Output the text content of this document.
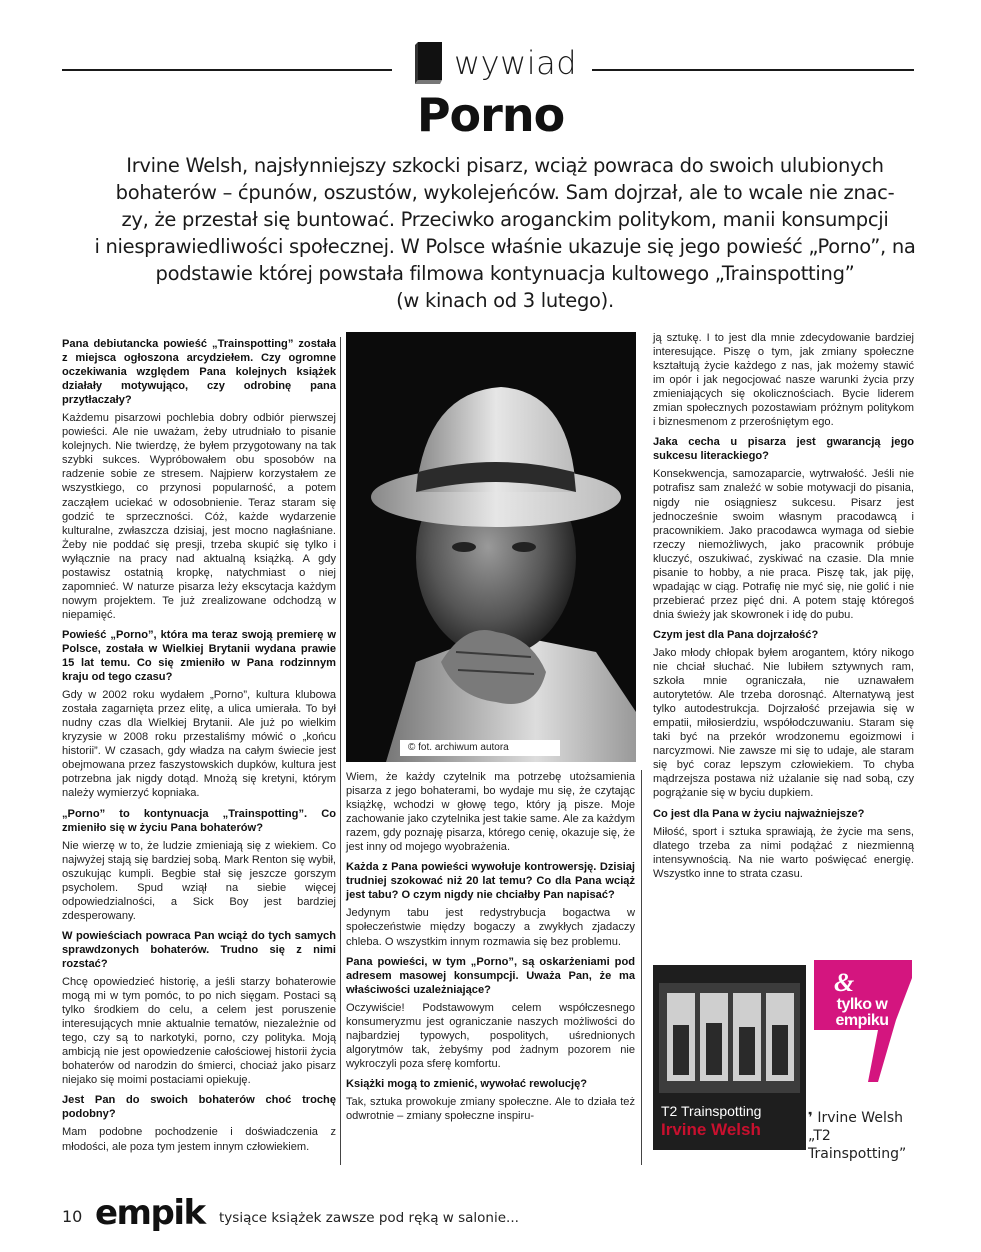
wywiad
Porno
Irvine Welsh, najsłynniejszy szkocki pisarz, wciąż powraca do swoich ulubionych
bohaterów – ćpunów, oszustów, wykolejeńców. Sam dojrzał, ale to wcale nie znac-
zy, że przestał się buntować. Przeciwko aroganckim politykom, manii konsumpcji
i niesprawiedliwości społecznej. W Polsce właśnie ukazuje się jego powieść „Porno”, na
podstawie której powstała filmowa kontynuacja kultowego „Trainspotting”
(w kinach od 3 lutego).

Pana debiutancka powieść „Trainspotting” została z miejsca ogłoszona arcydziełem. Czy ogromne oczekiwania względem Pana kolejnych książek działały motywująco, czy odrobinę pana przytłaczały?

Każdemu pisarzowi pochlebia dobry odbiór pierwszej powieści. Ale nie uważam, żeby utrudniało to pisanie kolejnych. Nie twierdzę, że byłem przygotowany na tak szybki sukces. Wypróbowałem obu sposobów na radzenie sobie ze stresem. Najpierw korzystałem ze wszystkiego, co przynosi popularność, a potem zacząłem uciekać w odosobnienie. Teraz staram się godzić te sprzeczności. Cóż, każde wydarzenie kulturalne, zwłaszcza dzisiaj, jest mocno nagłaśniane. Żeby nie poddać się presji, trzeba skupić się tylko i wyłącznie na pracy nad aktualną książką. A gdy postawisz ostatnią kropkę, natychmiast o niej zapomnieć. W naturze pisarza leży ekscytacja każdym nowym projektem. Te już zrealizowane odchodzą w niepamięć.

Powieść „Porno”, która ma teraz swoją premierę w Polsce, została w Wielkiej Brytanii wydana prawie 15 lat temu. Co się zmieniło w Pana rodzinnym kraju od tego czasu?

Gdy w 2002 roku wydałem „Porno”, kultura klubowa została zagarnięta przez elitę, a ulica umierała. To był nudny czas dla Wielkiej Brytanii. Ale już po wielkim kryzysie w 2008 roku przestaliśmy mówić o „końcu historii”. W czasach, gdy władza na całym świecie jest obejmowana przez faszystowskich dupków, kultura jest potrzebna jak nigdy dotąd. Mnożą się kretyni, którym należy wymierzyć kopniaka.

„Porno” to kontynuacja „Trainspotting”. Co zmieniło się w życiu Pana bohaterów?

Nie wierzę w to, że ludzie zmieniają się z wiekiem. Co najwyżej stają się bardziej sobą. Mark Renton się wybił, oszukując kumpli. Begbie stał się jeszcze gorszym psycholem. Spud wziął na siebie więcej odpowiedzialności, a Sick Boy jest bardziej zdesperowany.

W powieściach powraca Pan wciąż do tych samych sprawdzonych bohaterów. Trudno się z nimi rozstać?

Chcę opowiedzieć historię, a jeśli starzy bohaterowie mogą mi w tym pomóc, to po nich sięgam. Postaci są tylko środkiem do celu, a celem jest poruszenie interesujących mnie aktualnie tematów, niezależnie od tego, czy są to narkotyki, porno, czy polityka. Moją ambicją nie jest opowiedzenie całościowej historii życia bohaterów od narodzin do śmierci, chociaż jako pisarz niejako się moimi postaciami opiekuję.

Jest Pan do swoich bohaterów choć trochę podobny?

Mam podobne pochodzenie i doświadczenia z młodości, ale poza tym jestem innym człowiekiem.

© fot. archiwum autora

Wiem, że każdy czytelnik ma potrzebę utożsamienia pisarza z jego bohaterami, bo wydaje mu się, że czytając książkę, wchodzi w głowę tego, który ją pisze. Moje zachowanie jako czytelnika jest takie same. Ale za każdym razem, gdy poznaję pisarza, którego cenię, okazuje się, że jest inny od mojego wyobrażenia.

Każda z Pana powieści wywołuje kontrowersję. Dzisiaj trudniej szokować niż 20 lat temu? Co dla Pana wciąż jest tabu? O czym nigdy nie chciałby Pan napisać?

Jedynym tabu jest redystrybucja bogactwa w społeczeństwie między bogaczy a zwykłych zjadaczy chleba. O wszystkim innym rozmawia się bez problemu.

Pana powieści, w tym „Porno”, są oskarżeniami pod adresem masowej konsumpcji. Uważa Pan, że ma właściwości uzależniające?

Oczywiście! Podstawowym celem współczesnego konsumeryzmu jest ograniczanie naszych możliwości do najbardziej typowych, pospolitych, uśrednionych algorytmów tak, żebyśmy pod żadnym pozorem nie wykroczyli poza sferę komfortu.

Książki mogą to zmienić, wywołać rewolucję?

Tak, sztuka prowokuje zmiany społeczne. Ale to działa też odwrotnie – zmiany społeczne inspiru-

ją sztukę. I to jest dla mnie zdecydowanie bardziej interesujące. Piszę o tym, jak zmiany społeczne kształtują życie każdego z nas, jak możemy stawić im opór i jak negocjować nasze warunki życia przy zmieniających się okolicznościach. Bycie liderem zmian społecznych pozostawiam próżnym politykom i biznesmenom z przerośniętym ego.

Jaka cecha u pisarza jest gwarancją jego sukcesu literackiego?

Konsekwencja, samozaparcie, wytrwałość. Jeśli nie potrafisz sam znaleźć w sobie motywacji do pisania, nigdy nie osiągniesz sukcesu. Pisarz jest jednocześnie swoim własnym pracodawcą i pracownikiem. Jako pracodawca wymaga od siebie rzeczy niemożliwych, jako pracownik próbuje kluczyć, oszukiwać, zyskiwać na czasie. Dla mnie pisanie to hobby, a nie praca. Piszę tak, jak piję, wpadając w ciąg. Potrafię nie myć się, nie golić i nie przebierać przez pięć dni. A potem staję któregoś dnia świeży jak skowronek i idę do pubu.

Czym jest dla Pana dojrzałość?

Jako młody chłopak byłem arogantem, który nikogo nie chciał słuchać. Nie lubiłem sztywnych ram, szkoła mnie ograniczała, nie uznawałem autorytetów. Ale trzeba dorosnąć. Alternatywą jest tylko autodestrukcja. Dojrzałość przejawia się w empatii, miłosierdziu, współodczuwaniu. Staram się taki być na przekór wrodzonemu egoizmowi i narcyzmowi. Nie zawsze mi się to udaje, ale staram się być coraz lepszym człowiekiem. To chyba mądrzejsza postawa niż użalanie się nad sobą, czy pogrążanie się w byciu dupkiem.

Co jest dla Pana w życiu najważniejsze?

Miłość, sport i sztuka sprawiają, że życie ma sens, dlatego trzeba za nimi podążać z niezmienną intensywnością. Na nie warto poświęcać energię. Wszystko inne to strata czasu.

T2 Trainspotting
Irvine Welsh
&
tylko w empiku
❜ Irvine Welsh
„T2 Trainspotting”
10 empik tysiące książek zawsze pod ręką w salonie...
